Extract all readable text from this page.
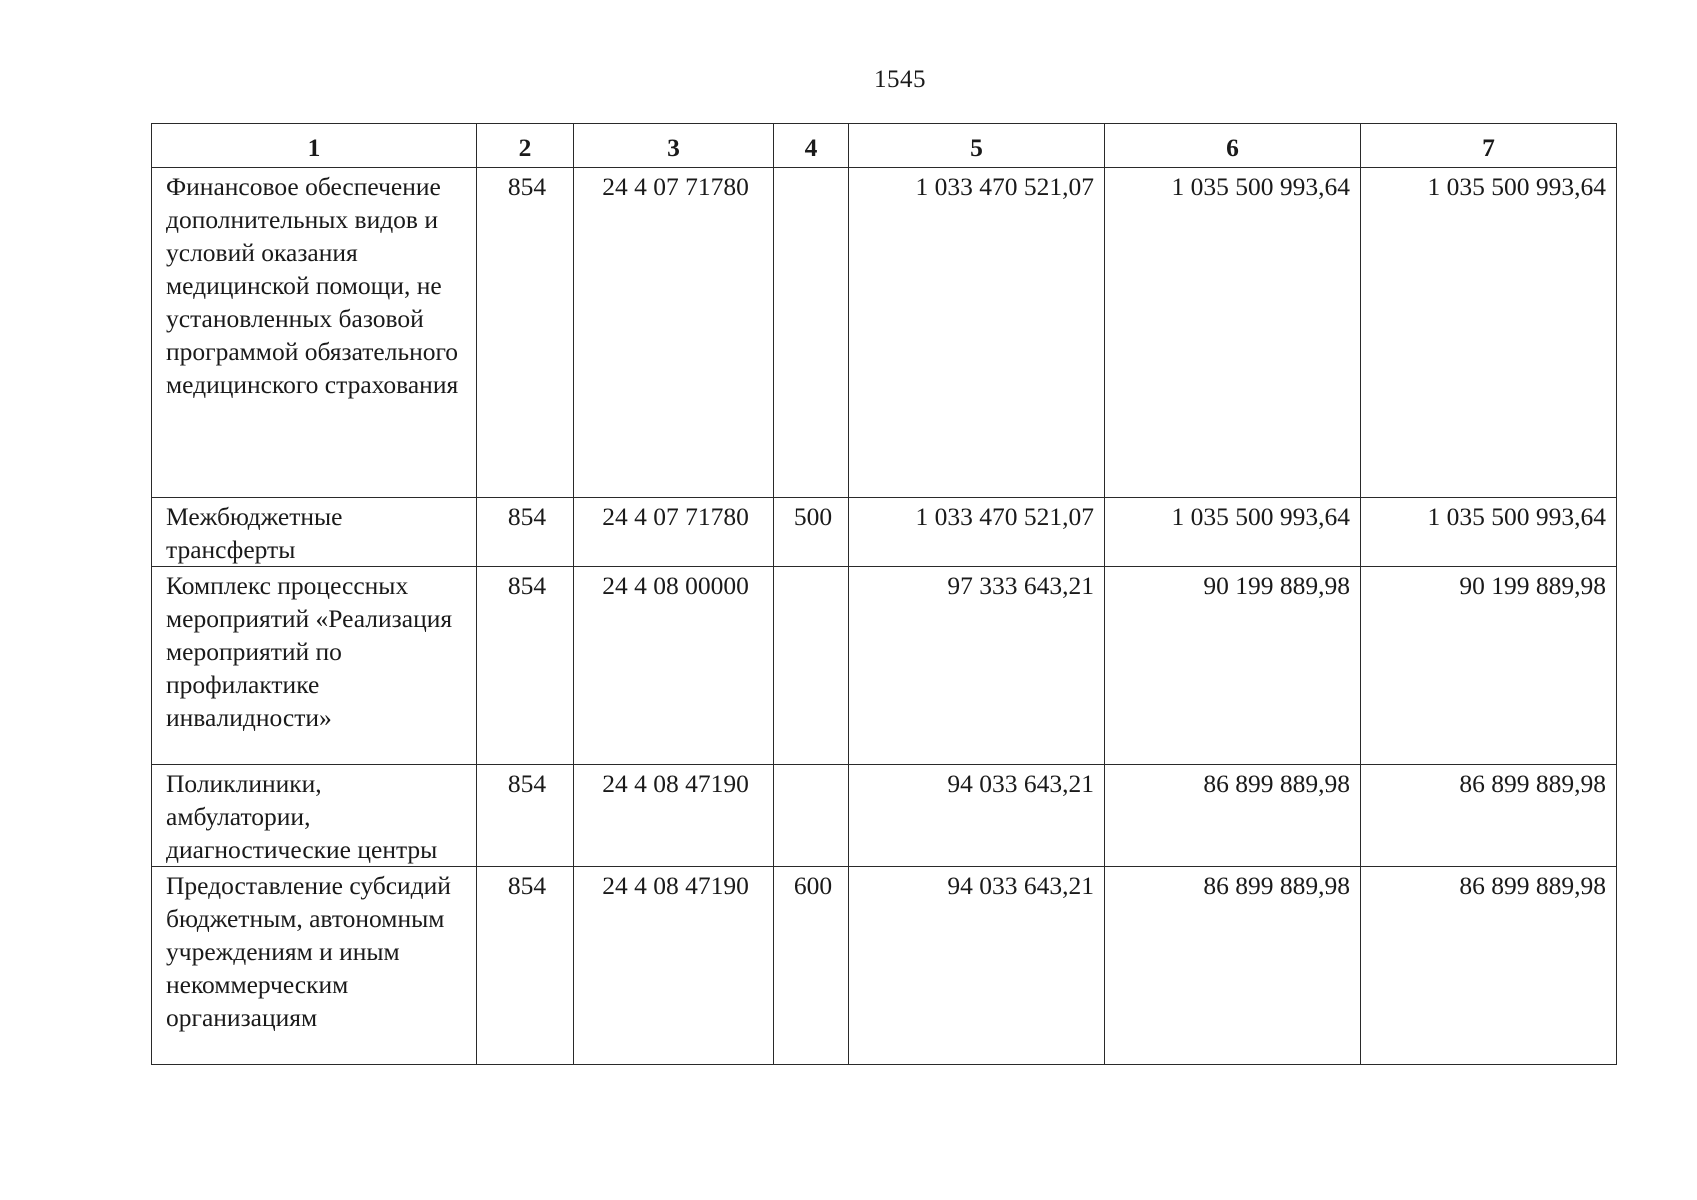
1545
1	2	3	4	5	6	7
Финансовое обеспечение дополнительных видов и условий оказания медицинской помощи, не установленных базовой программой обязательного медицинского страхования	854	24 4 07 71780		1 033 470 521,07	1 035 500 993,64	1 035 500 993,64
Межбюджетные трансферты	854	24 4 07 71780	500	1 033 470 521,07	1 035 500 993,64	1 035 500 993,64
Комплекс процессных мероприятий «Реализация мероприятий по профилактике инвалидности»	854	24 4 08 00000		97 333 643,21	90 199 889,98	90 199 889,98
Поликлиники, амбулатории, диагностические центры	854	24 4 08 47190		94 033 643,21	86 899 889,98	86 899 889,98
Предоставление субсидий бюджетным, автономным учреждениям и иным некоммерческим организациям	854	24 4 08 47190	600	94 033 643,21	86 899 889,98	86 899 889,98
